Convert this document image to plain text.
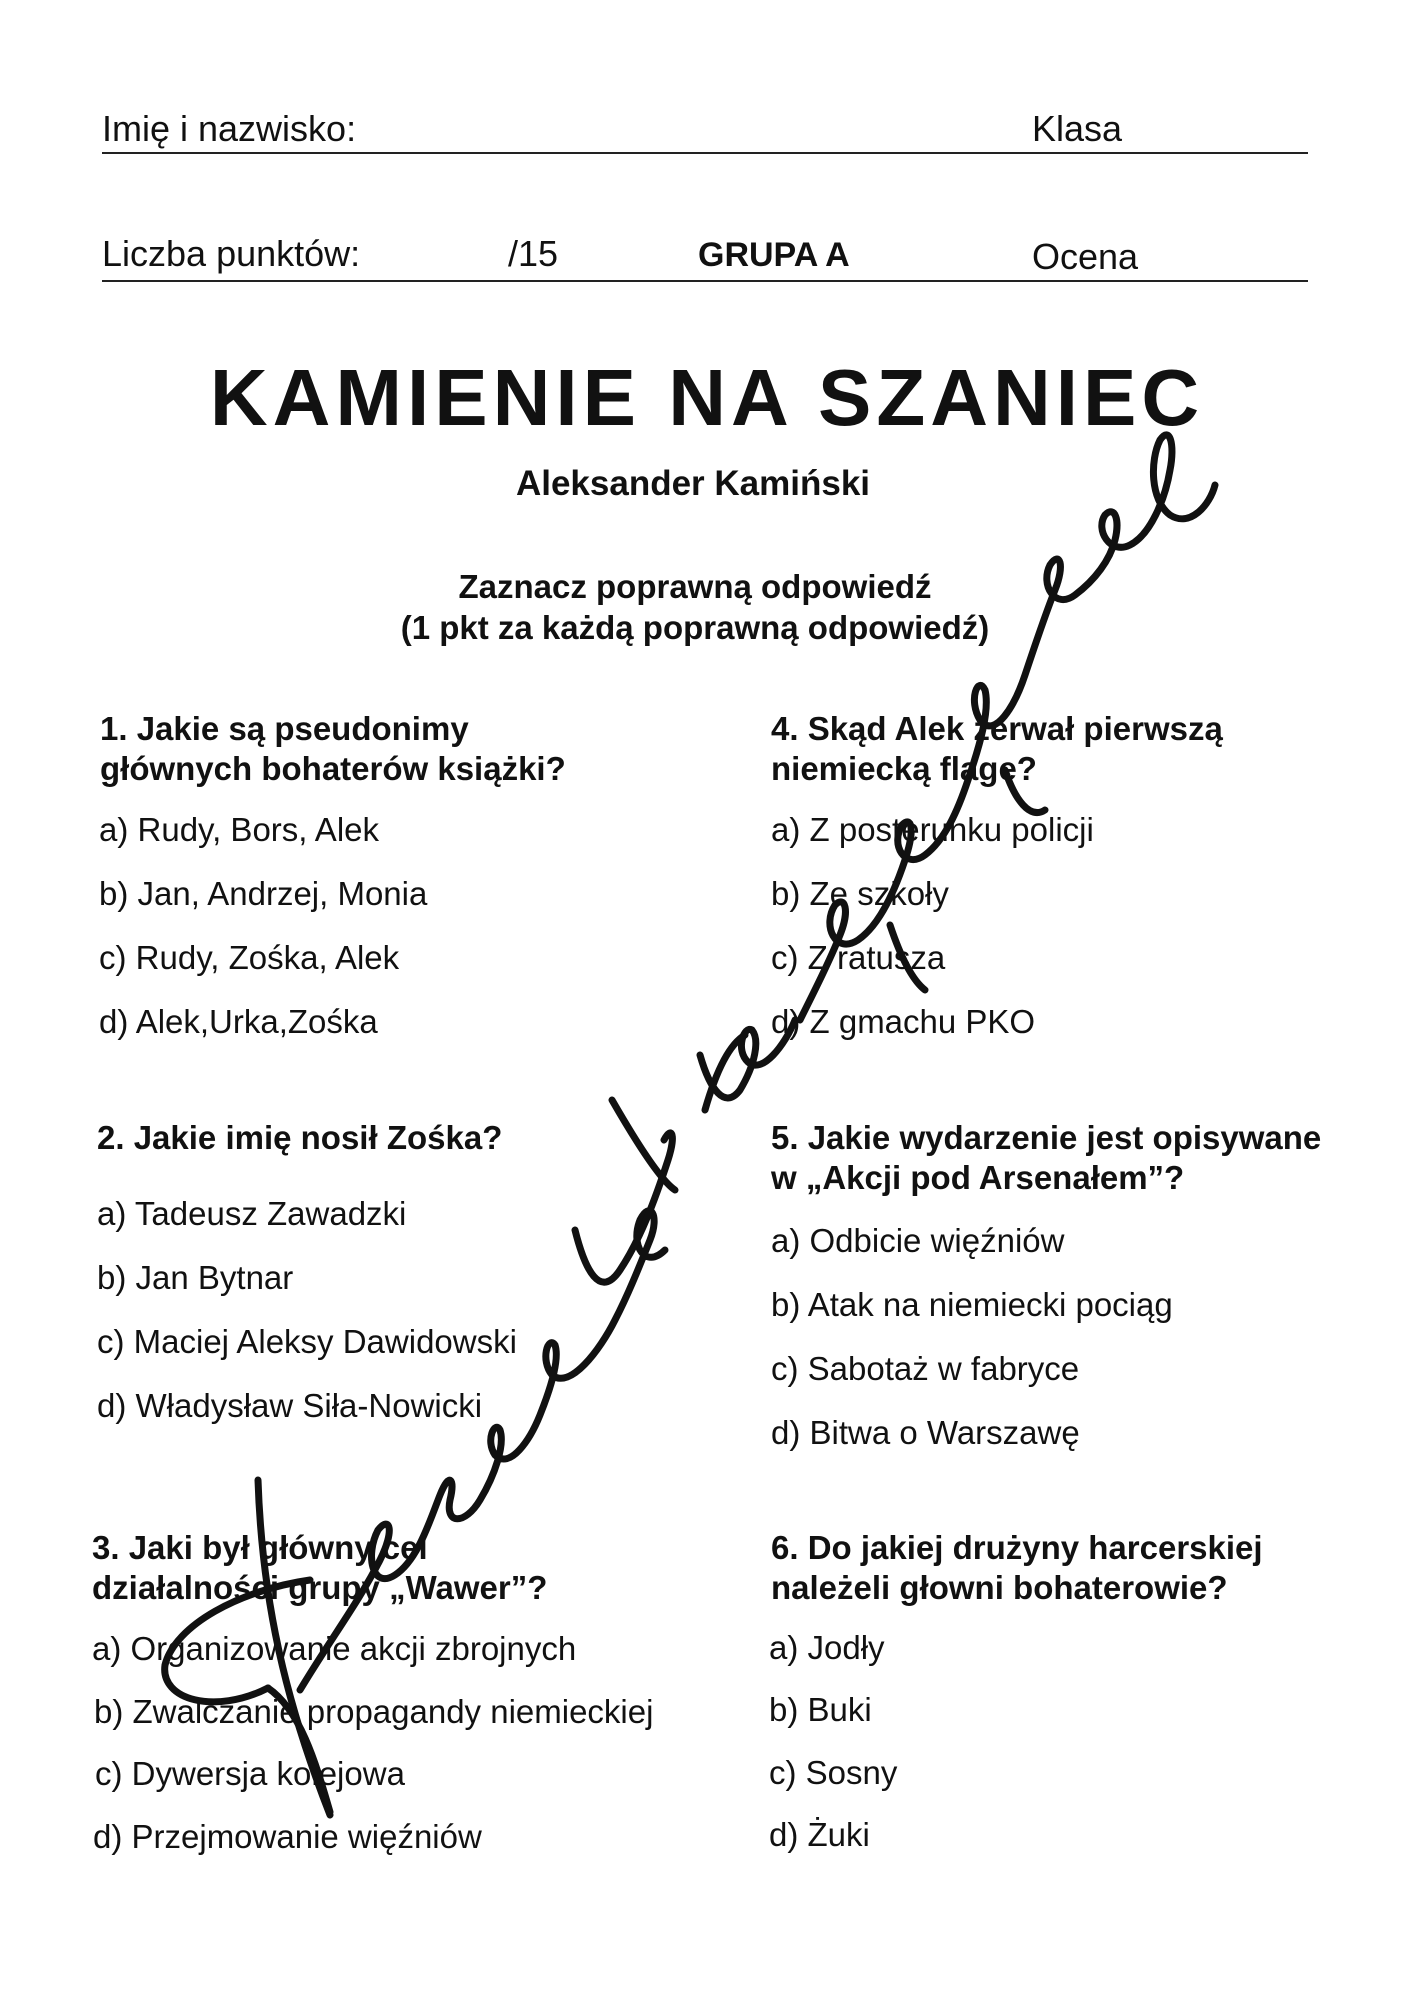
Imię i nazwisko:	Klasa
Liczba punktów:	/15	GRUPA A	Ocena
KAMIENIE NA SZANIEC
Aleksander Kamiński
Zaznacz poprawną odpowiedź
(1 pkt za każdą poprawną odpowiedź)
1. Jakie są pseudonimy
głównych bohaterów książki?
a) Rudy, Bors, Alek
b) Jan, Andrzej, Monia
c) Rudy, Zośka, Alek
d) Alek,Urka,Zośka
2. Jakie imię nosił Zośka?
a) Tadeusz Zawadzki
b) Jan Bytnar
c) Maciej Aleksy Dawidowski
d) Władysław Siła-Nowicki
3. Jaki był główny cel
działalności grupy „Wawer”?
a) Organizowanie akcji zbrojnych
b) Zwalczanie propagandy niemieckiej
c) Dywersja kolejowa
d) Przejmowanie więźniów
4. Skąd Alek zerwał pierwszą
niemiecką flagę?
a) Z posterunku policji
b) Ze szkoły
c) Z ratusza
d) Z gmachu PKO
5. Jakie wydarzenie jest opisywane
w „Akcji pod Arsenałem”?
a) Odbicie więźniów
b) Atak na niemiecki pociąg
c) Sabotaż w fabryce
d) Bitwa o Warszawę
6. Do jakiej drużyny harcerskiej
należeli głowni bohaterowie?
a) Jodły
b) Buki
c) Sosny
d) Żuki
